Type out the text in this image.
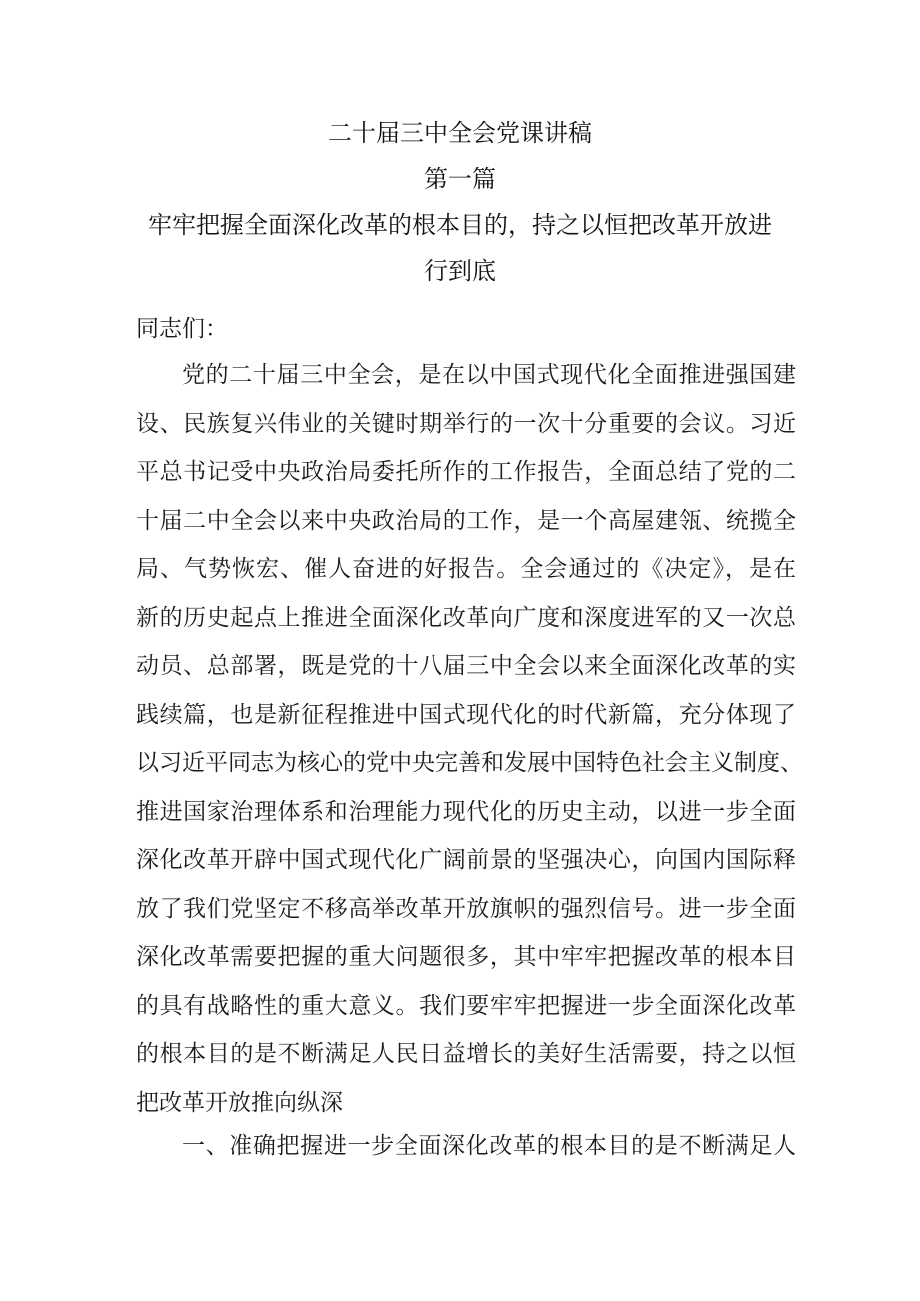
二十届三中全会党课讲稿
第一篇
牢牢把握全面深化改革的根本目的，持之以恒把改革开放进
行到底
同志们：
党的二十届三中全会，是在以中国式现代化全面推进强国建
设、民族复兴伟业的关键时期举行的一次十分重要的会议。习近
平总书记受中央政治局委托所作的工作报告，全面总结了党的二
十届二中全会以来中央政治局的工作，是一个高屋建瓴、统揽全
局、气势恢宏、催人奋进的好报告。全会通过的《决定》，是在
新的历史起点上推进全面深化改革向广度和深度进军的又一次总
动员、总部署，既是党的十八届三中全会以来全面深化改革的实
践续篇，也是新征程推进中国式现代化的时代新篇，充分体现了
以习近平同志为核心的党中央完善和发展中国特色社会主义制度、
推进国家治理体系和治理能力现代化的历史主动，以进一步全面
深化改革开辟中国式现代化广阔前景的坚强决心，向国内国际释
放了我们党坚定不移高举改革开放旗帜的强烈信号。进一步全面
深化改革需要把握的重大问题很多，其中牢牢把握改革的根本目
的具有战略性的重大意义。我们要牢牢把握进一步全面深化改革
的根本目的是不断满足人民日益增长的美好生活需要，持之以恒
把改革开放推向纵深
一、准确把握进一步全面深化改革的根本目的是不断满足人
